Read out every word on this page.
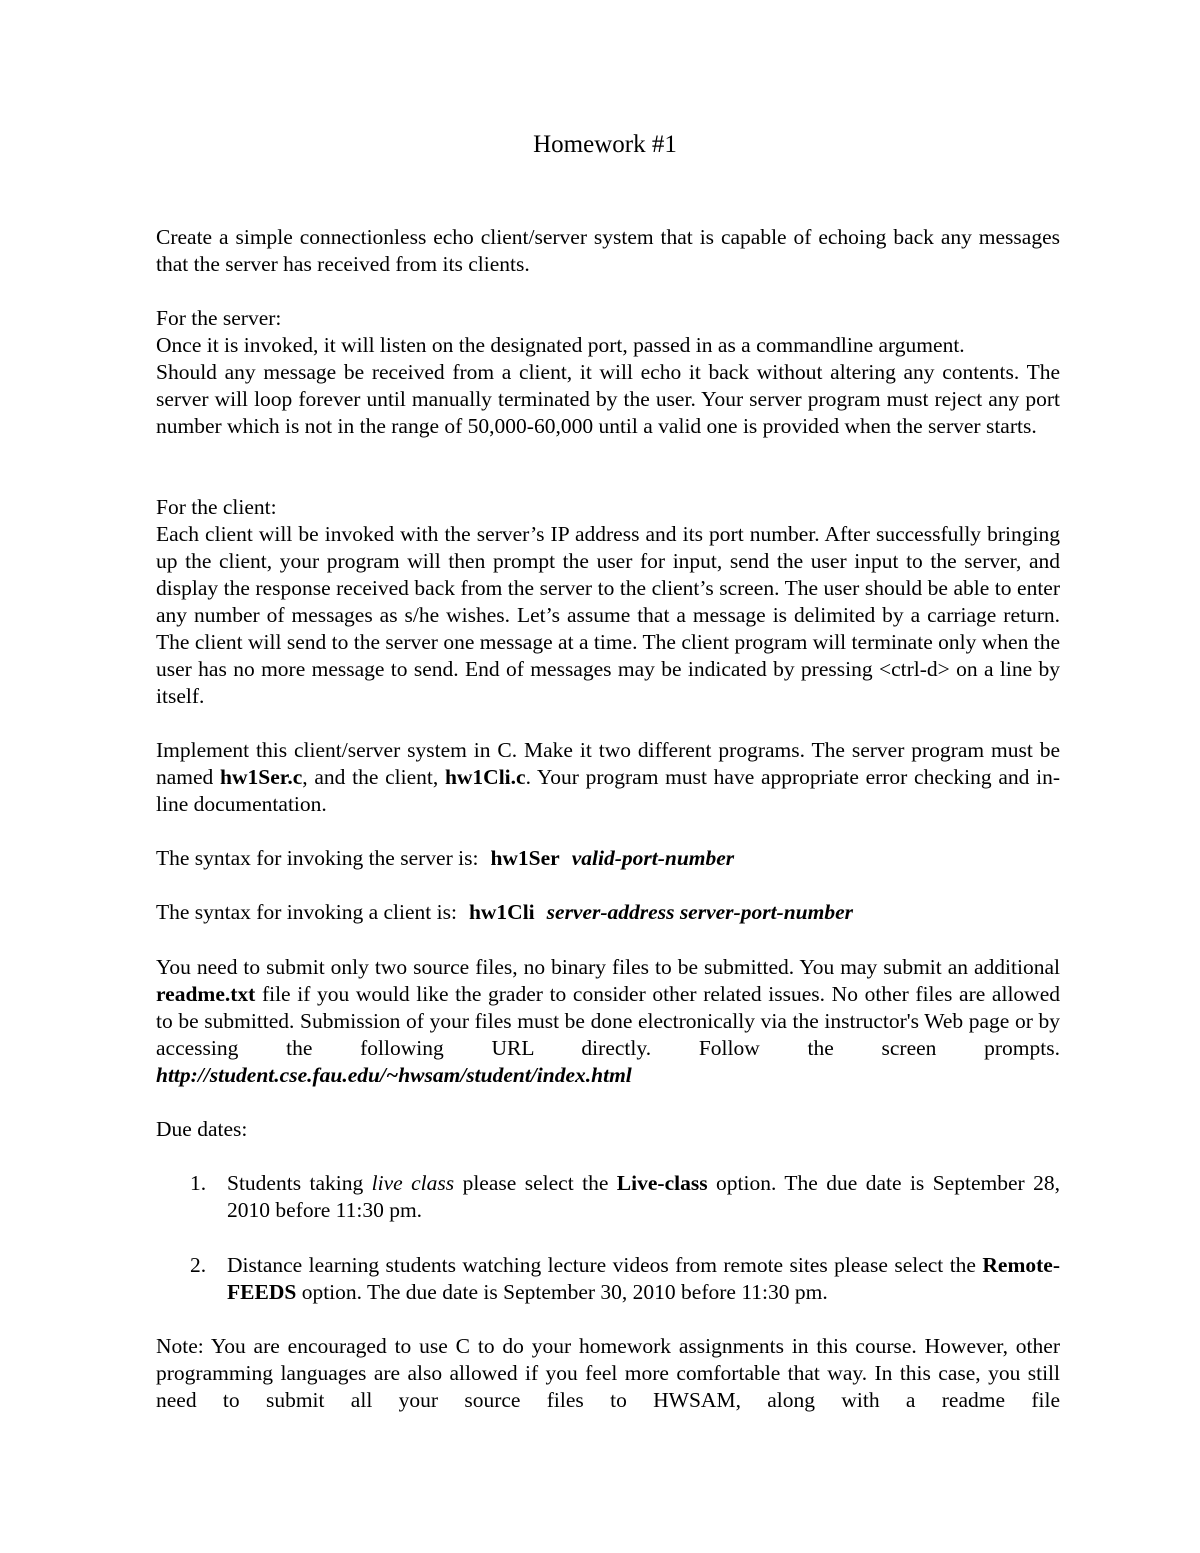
Homework #1
Create a simple connectionless echo client/server system that is capable of echoing back any messages that the server has received from its clients.
For the server:
Once it is invoked, it will listen on the designated port, passed in as a commandline argument.
Should any message be received from a client, it will echo it back without altering any contents. The server will loop forever until manually terminated by the user. Your server program must reject any port number which is not in the range of 50,000-60,000 until a valid one is provided when the server starts.
For the client:
Each client will be invoked with the server’s IP address and its port number. After successfully bringing up the client, your program will then prompt the user for input, send the user input to the server, and display the response received back from the server to the client’s screen. The user should be able to enter any number of messages as s/he wishes. Let’s assume that a message is delimited by a carriage return. The client will send to the server one message at a time. The client program will terminate only when the user has no more message to send. End of messages may be indicated by pressing <ctrl-d> on a line by itself.
Implement this client/server system in C. Make it two different programs. The server program must be named hw1Ser.c, and the client, hw1Cli.c. Your program must have appropriate error checking and in-line documentation.
The syntax for invoking the server is: hw1Ser valid-port-number
The syntax for invoking a client is: hw1Cli server-address server-port-number
You need to submit only two source files, no binary files to be submitted. You may submit an additional readme.txt file if you would like the grader to consider other related issues. No other files are allowed to be submitted. Submission of your files must be done electronically via the instructor's Web page or by accessing the following URL directly. Follow the screen prompts. http://student.cse.fau.edu/~hwsam/student/index.html
Due dates:
1. Students taking live class please select the Live-class option. The due date is September 28, 2010 before 11:30 pm.
2. Distance learning students watching lecture videos from remote sites please select the Remote-FEEDS option. The due date is September 30, 2010 before 11:30 pm.
Note: You are encouraged to use C to do your homework assignments in this course. However, other programming languages are also allowed if you feel more comfortable that way. In this case, you still need to submit all your source files to HWSAM, along with a readme file
